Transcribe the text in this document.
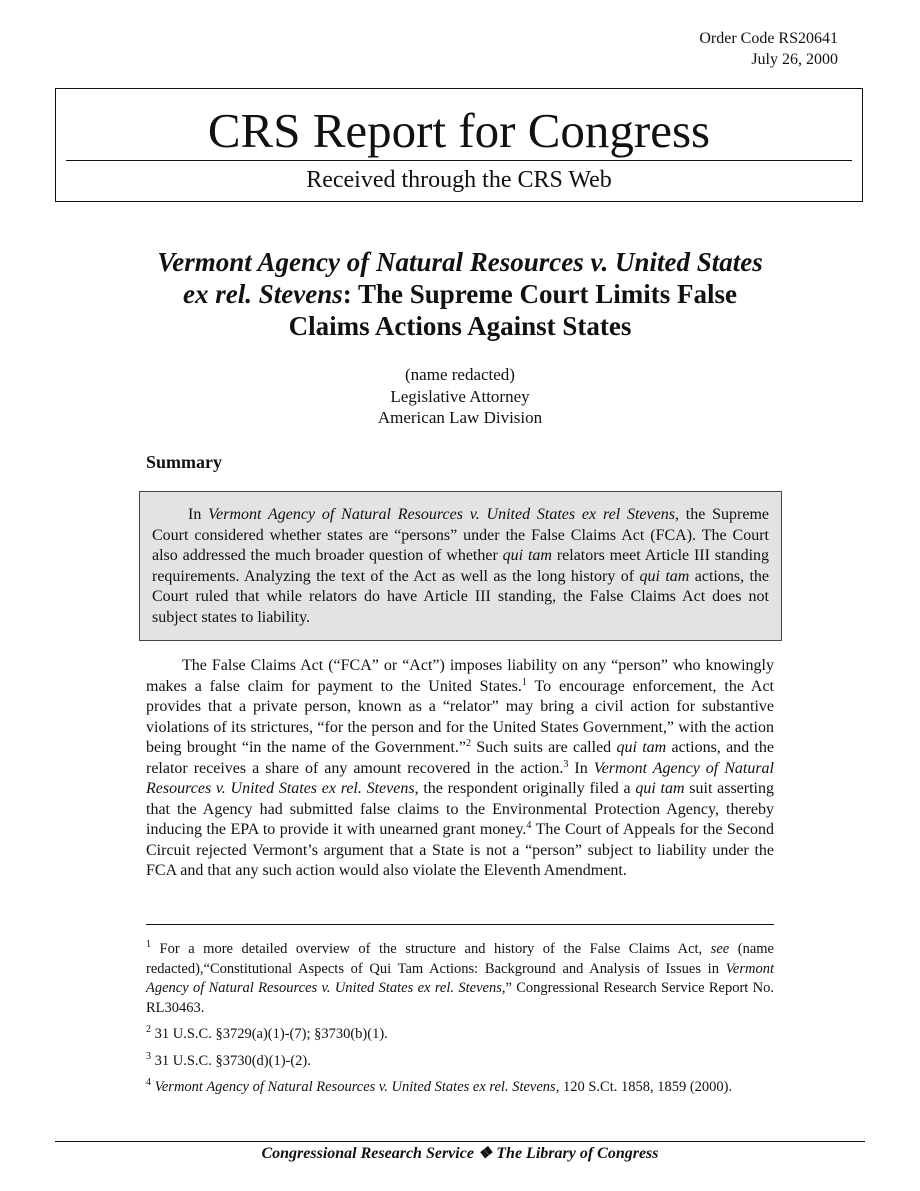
Order Code RS20641
July 26, 2000
CRS Report for Congress
Received through the CRS Web
Vermont Agency of Natural Resources v. United States ex rel. Stevens: The Supreme Court Limits False Claims Actions Against States
(name redacted)
Legislative Attorney
American Law Division
Summary

In Vermont Agency of Natural Resources v. United States ex rel Stevens, the Supreme Court considered whether states are “persons” under the False Claims Act (FCA). The Court also addressed the much broader question of whether qui tam relators meet Article III standing requirements. Analyzing the text of the Act as well as the long history of qui tam actions, the Court ruled that while relators do have Article III standing, the False Claims Act does not subject states to liability.

The False Claims Act (“FCA” or “Act”) imposes liability on any “person” who knowingly makes a false claim for payment to the United States.$^1$ To encourage enforcement, the Act provides that a private person, known as a “relator” may bring a civil action for substantive violations of its strictures, “for the person and for the United States Government,” with the action being brought “in the name of the Government.”$^2$ Such suits are called qui tam actions, and the relator receives a share of any amount recovered in the action.$^3$ In Vermont Agency of Natural Resources v. United States ex rel. Stevens, the respondent originally filed a qui tam suit asserting that the Agency had submitted false claims to the Environmental Protection Agency, thereby inducing the EPA to provide it with unearned grant money.$^4$ The Court of Appeals for the Second Circuit rejected Vermont’s argument that a State is not a “person” subject to liability under the FCA and that any such action would also violate the Eleventh Amendment.

$^1$ For a more detailed overview of the structure and history of the False Claims Act, see (name redacted),“Constitutional Aspects of Qui Tam Actions: Background and Analysis of Issues in Vermont Agency of Natural Resources v. United States ex rel. Stevens,” Congressional Research Service Report No. RL30463.
$^2$ 31 U.S.C. §3729(a)(1)-(7); §3730(b)(1).
$^3$ 31 U.S.C. §3730(d)(1)-(2).
$^4$ Vermont Agency of Natural Resources v. United States ex rel. Stevens, 120 S.Ct. 1858, 1859 (2000).
Congressional Research Service ❖ The Library of Congress
